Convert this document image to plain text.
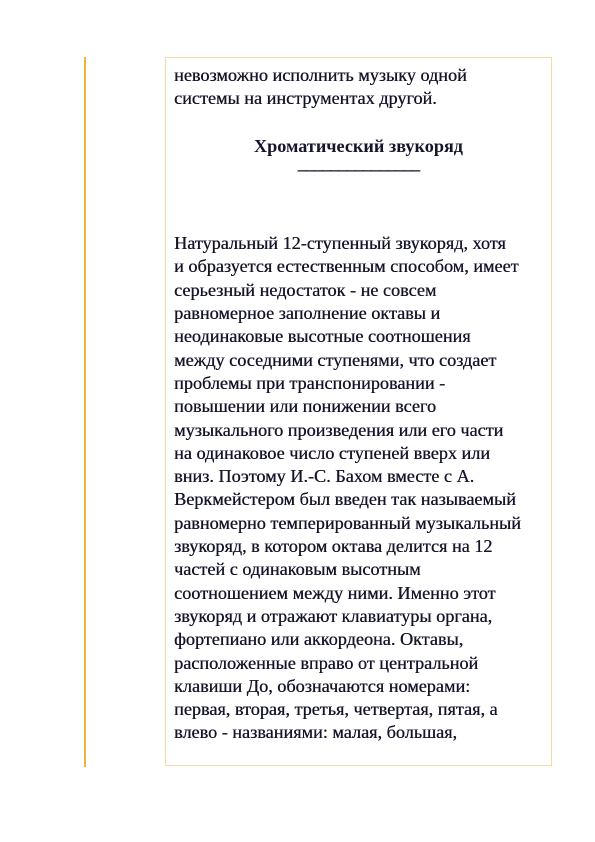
невозможно исполнить музыку одной
системы на инструментах другой.
Хроматический звукоряд
–––––––––––––––
Натуральный 12-ступенный звукоряд, хотя
и образуется естественным способом, имеет
серьезный недостаток - не совсем
равномерное заполнение октавы и
неодинаковые высотные соотношения
между соседними ступенями, что создает
проблемы при транспонировании -
повышении или понижении всего
музыкального произведения или его части
на одинаковое число ступеней вверх или
вниз. Поэтому И.-С. Бахом вместе с А.
Веркмейстером был введен так называемый
равномерно темперированный музыкальный
звукоряд, в котором октава делится на 12
частей с одинаковым высотным
соотношением между ними. Именно этот
звукоряд и отражают клавиатуры органа,
фортепиано или аккордеона. Октавы,
расположенные вправо от центральной
клавиши До, обозначаются номерами:
первая, вторая, третья, четвертая, пятая, а
влево - названиями: малая, большая,
